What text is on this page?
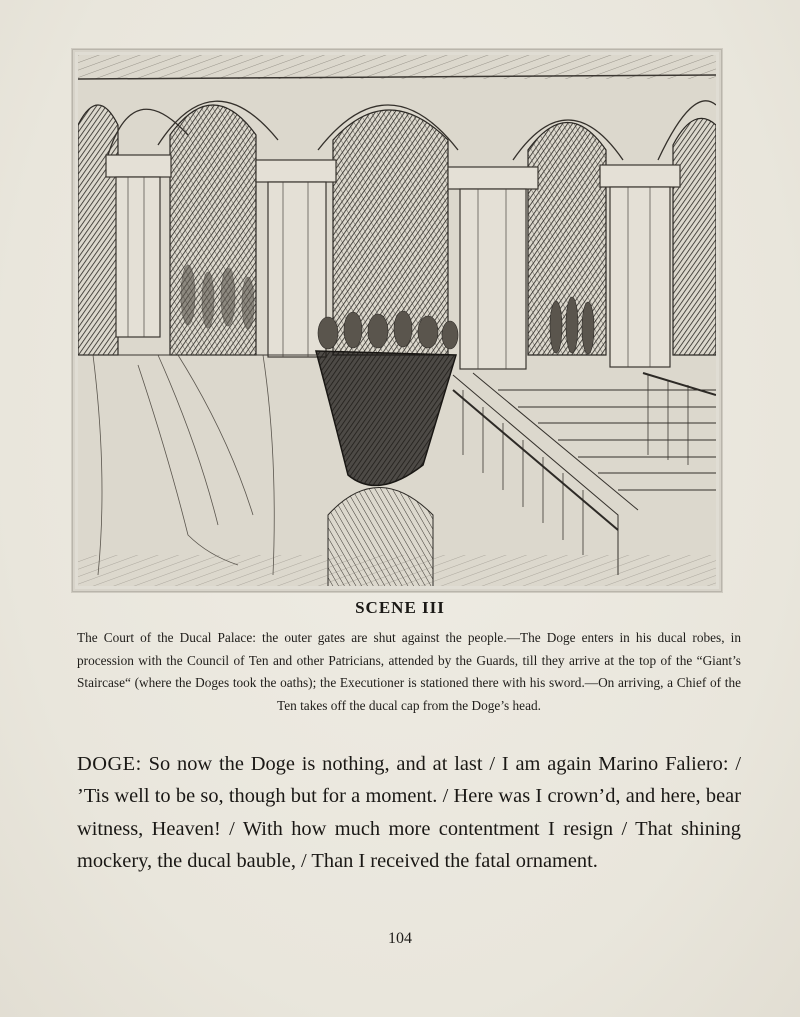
SCENE III
The Court of the Ducal Palace: the outer gates are shut against the people.—The Doge enters in his ducal robes, in procession with the Council of Ten and other Patricians, attended by the Guards, till they arrive at the top of the “Giant’s Staircase“ (where the Doges took the oaths); the Executioner is stationed there with his sword.—On arriving, a Chief of the Ten takes off the ducal cap from the Doge’s head.
DOGE: So now the Doge is nothing, and at last / I am again Marino Faliero: / ’Tis well to be so, though but for a moment. / Here was I crown’d, and here, bear witness, Heaven! / With how much more contentment I resign / That shining mockery, the ducal bauble, / Than I received the fatal ornament.
104
